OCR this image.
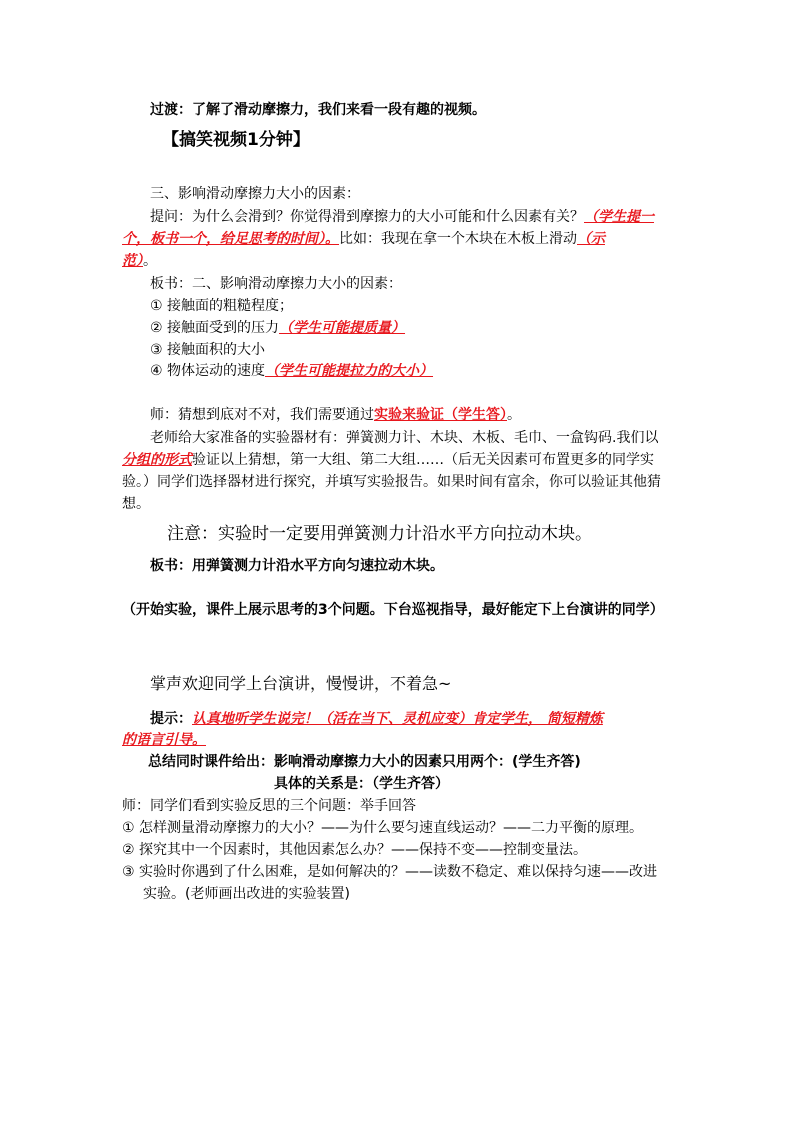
过渡：了解了滑动摩擦力，我们来看一段有趣的视频。
【搞笑视频1分钟】
三、影响滑动摩擦力大小的因素：
提问：为什么会滑到？你觉得滑到摩擦力的大小可能和什么因素有关？（学生提一
个，板书一个，给足思考的时间）。比如：我现在拿一个木块在木板上滑动（示
范）。
板书：二、影响滑动摩擦力大小的因素：
① 接触面的粗糙程度；
② 接触面受到的压力（学生可能提质量）
③ 接触面积的大小
④ 物体运动的速度（学生可能提拉力的大小）
师：猜想到底对不对，我们需要通过实验来验证（学生答）。
老师给大家准备的实验器材有：弹簧测力计、木块、木板、毛巾、一盒钩码.我们以
分组的形式验证以上猜想，第一大组、第二大组……（后无关因素可布置更多的同学实
验。）同学们选择器材进行探究，并填写实验报告。如果时间有富余，你可以验证其他猜
想。
注意：实验时一定要用弹簧测力计沿水平方向拉动木块。
板书：用弹簧测力计沿水平方向匀速拉动木块。
（开始实验，课件上展示思考的3个问题。下台巡视指导，最好能定下上台演讲的同学）
掌声欢迎同学上台演讲，慢慢讲，不着急~
提示：认真地听学生说完！（活在当下、灵机应变）肯定学生， 简短精炼
的语言引导。
总结同时课件给出：影响滑动摩擦力大小的因素只用两个：(学生齐答)
具体的关系是：（学生齐答）
师：同学们看到实验反思的三个问题：举手回答
① 怎样测量滑动摩擦力的大小？——为什么要匀速直线运动？——二力平衡的原理。
② 探究其中一个因素时，其他因素怎么办？——保持不变——控制变量法。
③ 实验时你遇到了什么困难，是如何解决的？——读数不稳定、难以保持匀速——改进
实验。(老师画出改进的实验装置)
